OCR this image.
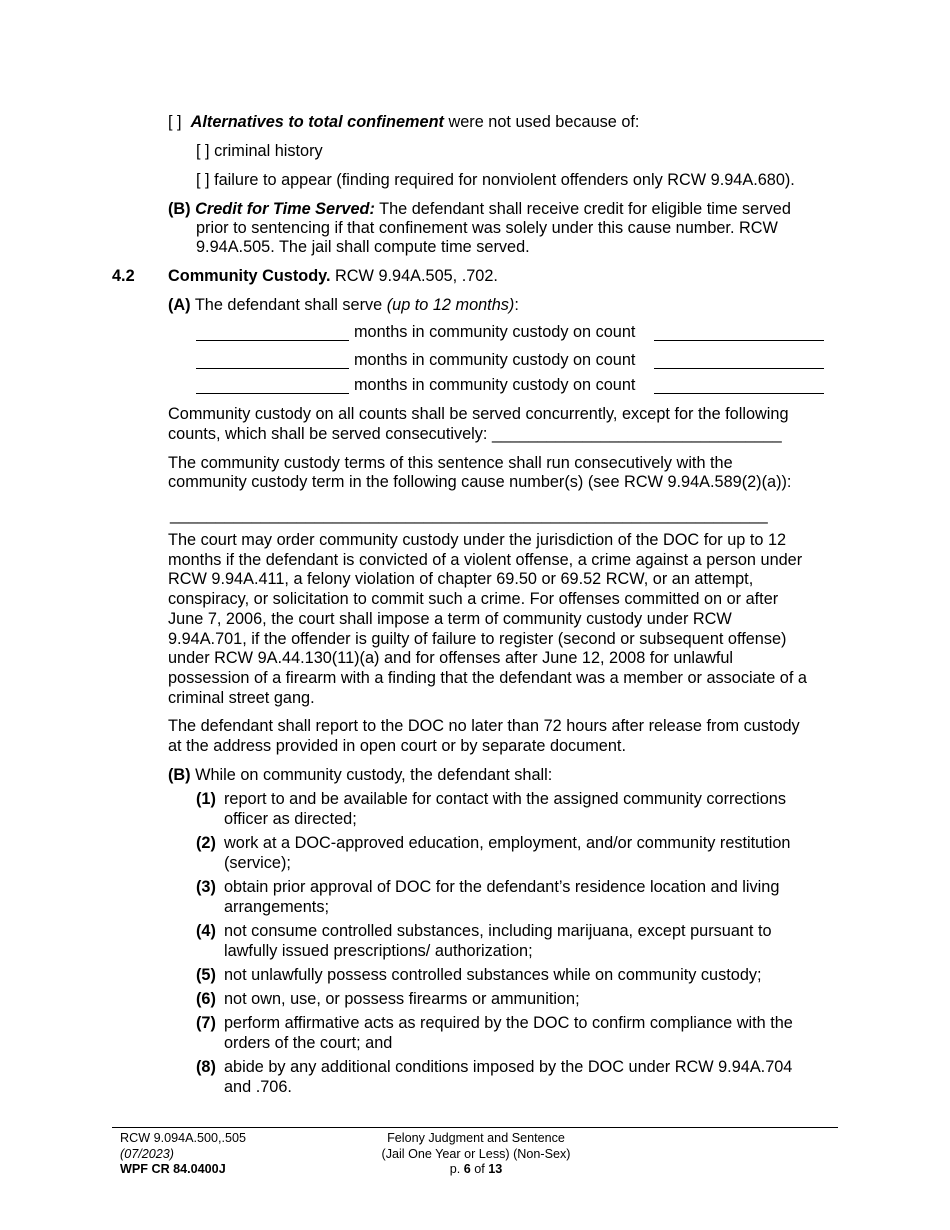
[ ] Alternatives to total confinement were not used because of:
[ ] criminal history
[ ] failure to appear (finding required for nonviolent offenders only RCW 9.94A.680).
(B) Credit for Time Served: The defendant shall receive credit for eligible time served
prior to sentencing if that confinement was solely under this cause number. RCW
9.94A.505. The jail shall compute time served.
4.2 Community Custody. RCW 9.94A.505, .702.
(A) The defendant shall serve (up to 12 months):
months in community custody on count
months in community custody on count
months in community custody on count
Community custody on all counts shall be served concurrently, except for the following
counts, which shall be served consecutively: ________________________________
The community custody terms of this sentence shall run consecutively with the
community custody term in the following cause number(s) (see RCW 9.94A.589(2)(a)):
__________________________________________________________________
The court may order community custody under the jurisdiction of the DOC for up to 12
months if the defendant is convicted of a violent offense, a crime against a person under
RCW 9.94A.411, a felony violation of chapter 69.50 or 69.52 RCW, or an attempt,
conspiracy, or solicitation to commit such a crime. For offenses committed on or after
June 7, 2006, the court shall impose a term of community custody under RCW
9.94A.701, if the offender is guilty of failure to register (second or subsequent offense)
under RCW 9A.44.130(11)(a) and for offenses after June 12, 2008 for unlawful
possession of a firearm with a finding that the defendant was a member or associate of a
criminal street gang.
The defendant shall report to the DOC no later than 72 hours after release from custody
at the address provided in open court or by separate document.
(B) While on community custody, the defendant shall:
(1) report to and be available for contact with the assigned community corrections
officer as directed;
(2) work at a DOC-approved education, employment, and/or community restitution
(service);
(3) obtain prior approval of DOC for the defendant’s residence location and living
arrangements;
(4) not consume controlled substances, including marijuana, except pursuant to
lawfully issued prescriptions/ authorization;
(5) not unlawfully possess controlled substances while on community custody;
(6) not own, use, or possess firearms or ammunition;
(7) perform affirmative acts as required by the DOC to confirm compliance with the
orders of the court; and
(8) abide by any additional conditions imposed by the DOC under RCW 9.94A.704
and .706.
RCW 9.094A.500,.505
(07/2023)
WPF CR 84.0400J
Felony Judgment and Sentence
(Jail One Year or Less) (Non-Sex)
p. 6 of 13
